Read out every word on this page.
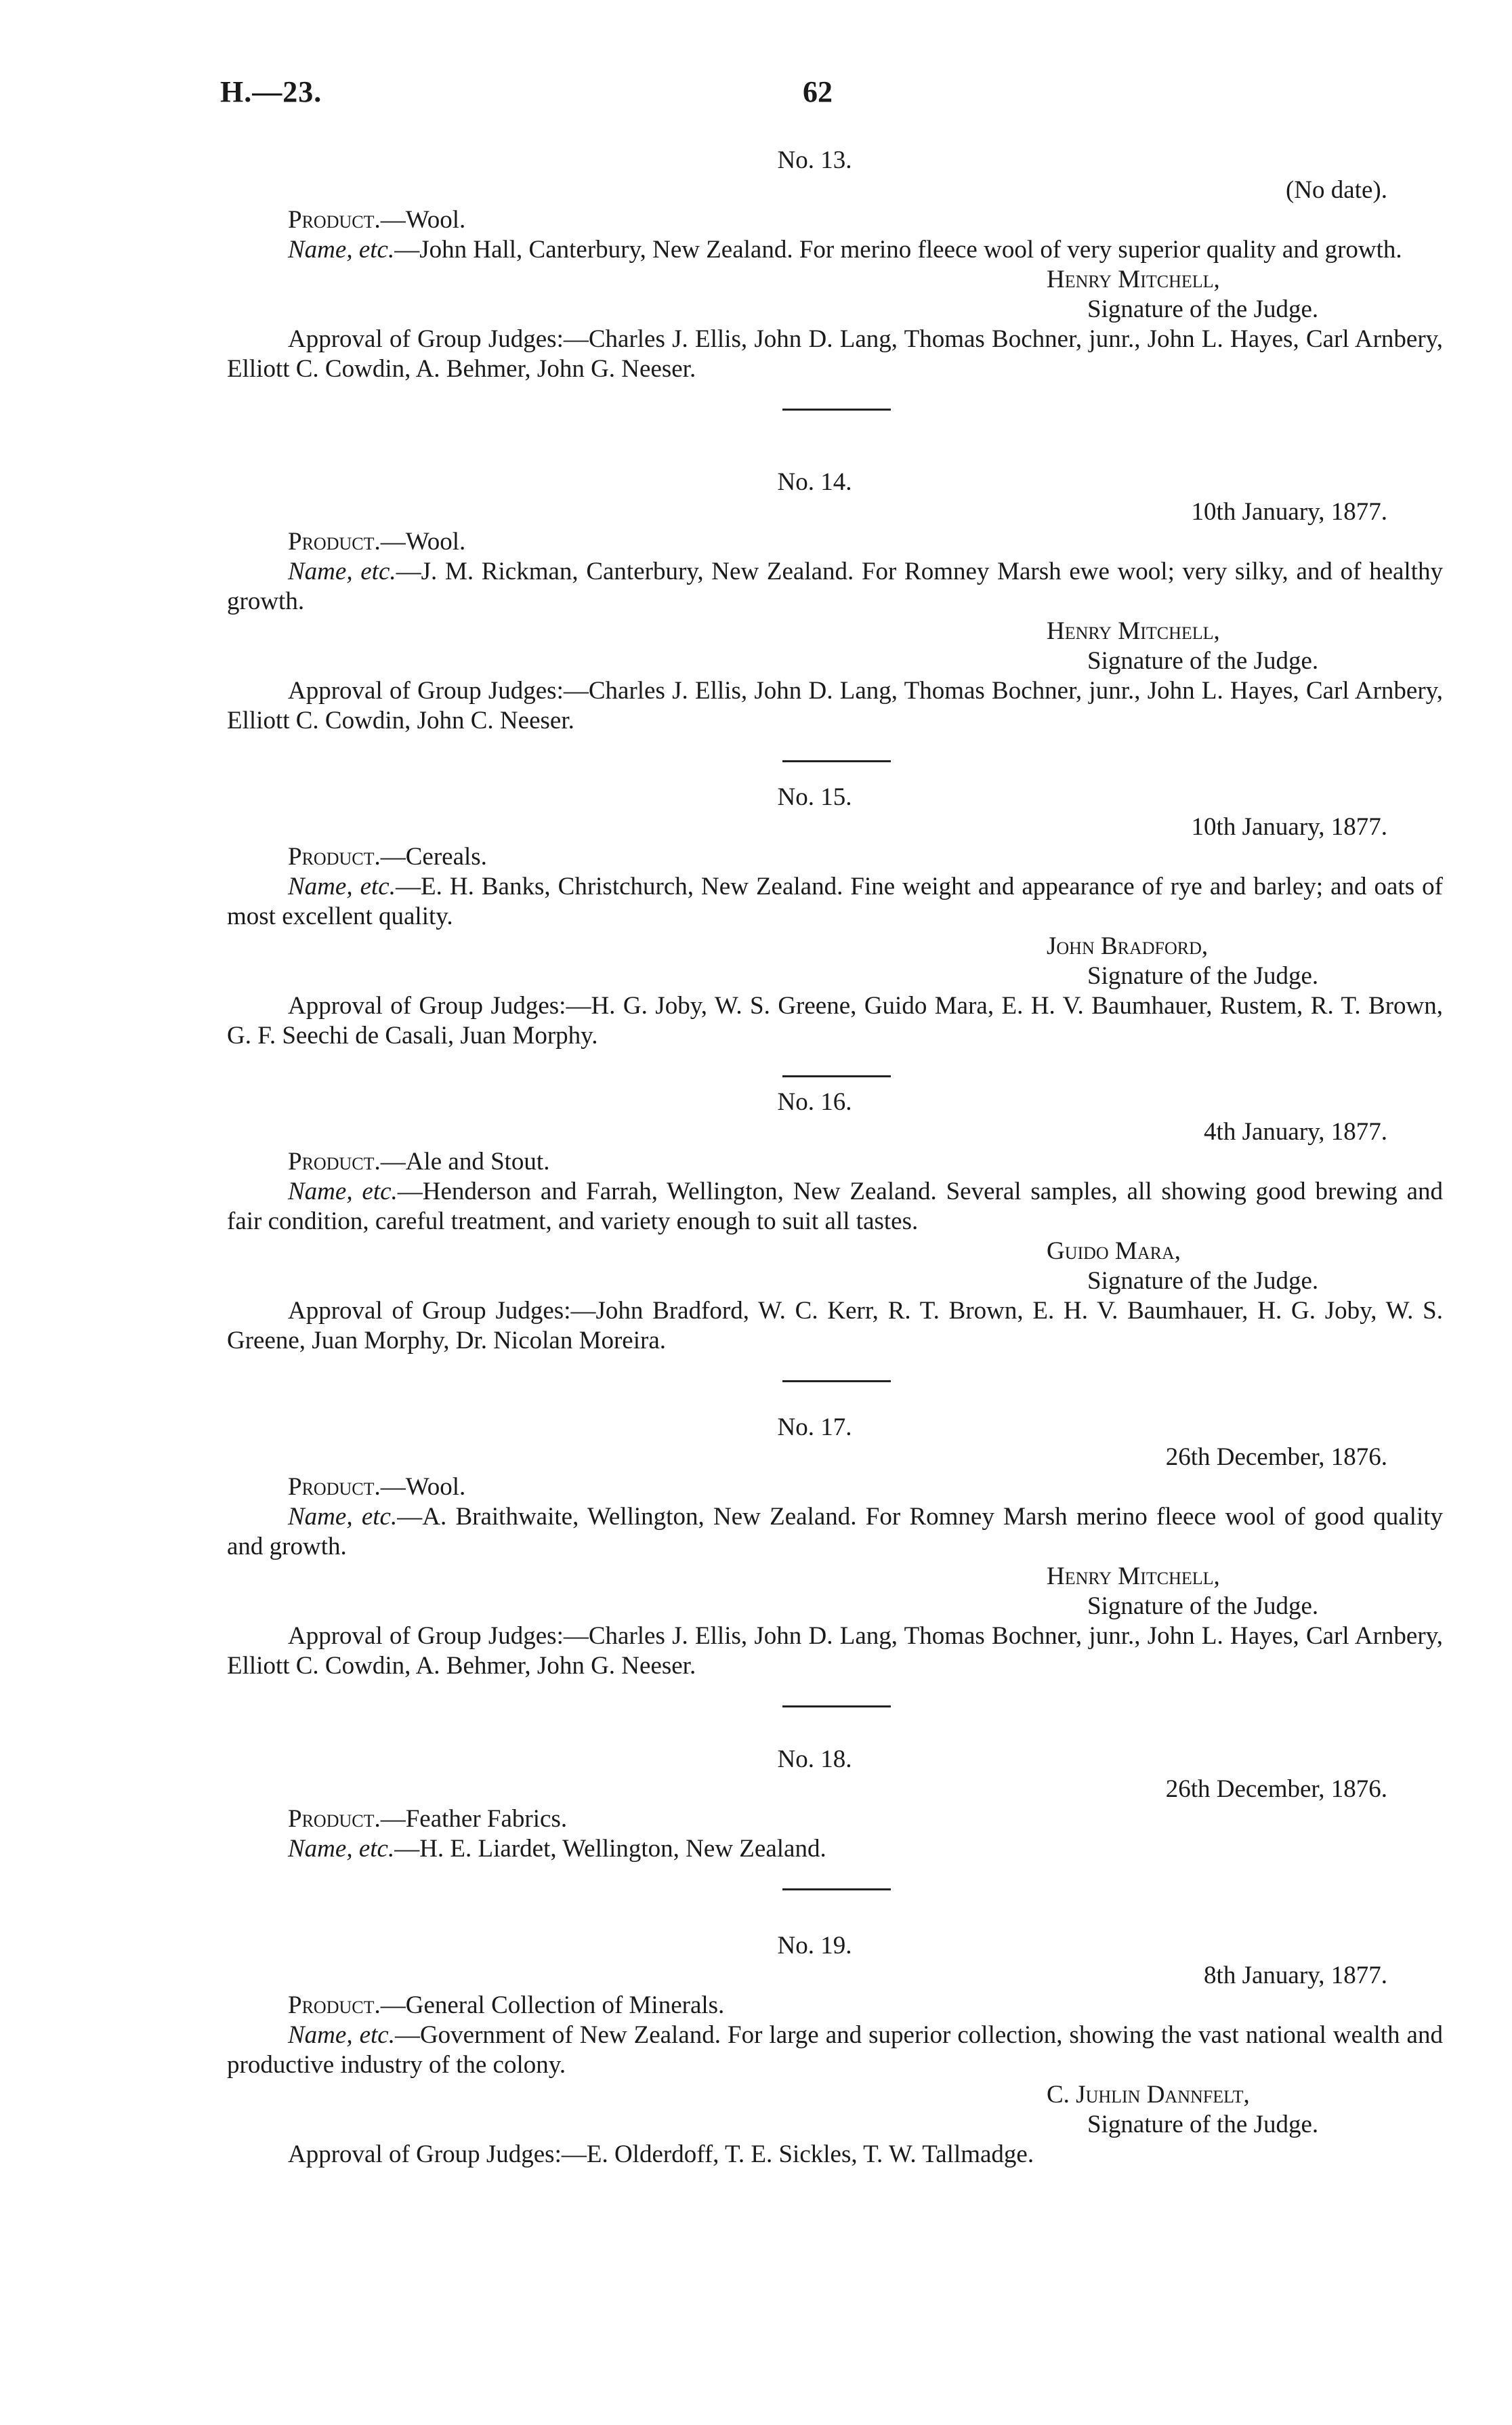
H.—23.	62
No. 13.
(No date).

Product.—Wool.

Name, etc.—John Hall, Canterbury, New Zealand. For merino fleece wool of very superior quality and growth.

Henry Mitchell,
Signature of the Judge.

Approval of Group Judges:—Charles J. Ellis, John D. Lang, Thomas Bochner, junr., John L. Hayes, Carl Arnbery, Elliott C. Cowdin, A. Behmer, John G. Neeser.

No. 14.
10th January, 1877.

Product.—Wool.

Name, etc.—J. M. Rickman, Canterbury, New Zealand. For Romney Marsh ewe wool; very silky, and of healthy growth.

Henry Mitchell,
Signature of the Judge.

Approval of Group Judges:—Charles J. Ellis, John D. Lang, Thomas Bochner, junr., John L. Hayes, Carl Arnbery, Elliott C. Cowdin, John C. Neeser.

No. 15.
10th January, 1877.

Product.—Cereals.

Name, etc.—E. H. Banks, Christchurch, New Zealand. Fine weight and appearance of rye and barley; and oats of most excellent quality.

John Bradford,
Signature of the Judge.

Approval of Group Judges:—H. G. Joby, W. S. Greene, Guido Mara, E. H. V. Baumhauer, Rustem, R. T. Brown, G. F. Seechi de Casali, Juan Morphy.

No. 16.
4th January, 1877.

Product.—Ale and Stout.

Name, etc.—Henderson and Farrah, Wellington, New Zealand. Several samples, all showing good brewing and fair condition, careful treatment, and variety enough to suit all tastes.

Guido Mara,
Signature of the Judge.

Approval of Group Judges:—John Bradford, W. C. Kerr, R. T. Brown, E. H. V. Baumhauer, H. G. Joby, W. S. Greene, Juan Morphy, Dr. Nicolan Moreira.

No. 17.
26th December, 1876.

Product.—Wool.

Name, etc.—A. Braithwaite, Wellington, New Zealand. For Romney Marsh merino fleece wool of good quality and growth.

Henry Mitchell,
Signature of the Judge.

Approval of Group Judges:—Charles J. Ellis, John D. Lang, Thomas Bochner, junr., John L. Hayes, Carl Arnbery, Elliott C. Cowdin, A. Behmer, John G. Neeser.

No. 18.
26th December, 1876.

Product.—Feather Fabrics.

Name, etc.—H. E. Liardet, Wellington, New Zealand.

No. 19.
8th January, 1877.

Product.—General Collection of Minerals.

Name, etc.—Government of New Zealand. For large and superior collection, showing the vast national wealth and productive industry of the colony.

C. Juhlin Dannfelt,
Signature of the Judge.

Approval of Group Judges:—E. Olderdoff, T. E. Sickles, T. W. Tallmadge.
